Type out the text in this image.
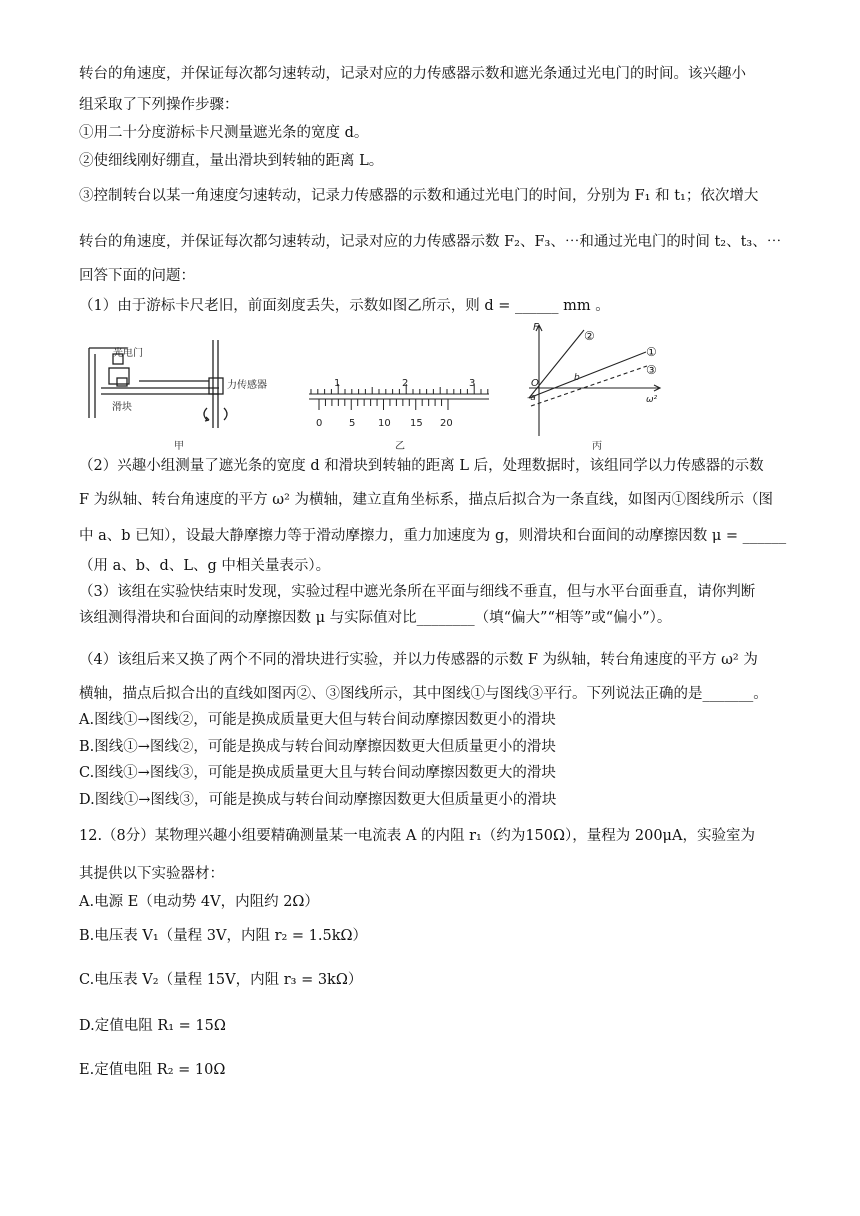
转台的角速度，并保证每次都匀速转动，记录对应的力传感器示数和遮光条通过光电门的时间。该兴趣小
组采取了下列操作步骤：
①用二十分度游标卡尺测量遮光条的宽度 d。
②使细线刚好绷直，量出滑块到转轴的距离 L。
③控制转台以某一角速度匀速转动，记录力传感器的示数和通过光电门的时间，分别为 F₁ 和 t₁；依次增大
转台的角速度，并保证每次都匀速转动，记录对应的力传感器示数 F₂、F₃、⋯和通过光电门的时间 t₂、t₃、⋯
回答下面的问题：
（1）由于游标卡尺老旧，前面刻度丢失，示数如图乙所示，则 d = ______ mm 。
光电门
力传感器
滑块
甲
1	2	3
0	5 10 15 20
乙
F
ω²
O
-a
b
①
②
③
丙
（2）兴趣小组测量了遮光条的宽度 d 和滑块到转轴的距离 L 后，处理数据时，该组同学以力传感器的示数
F 为纵轴、转台角速度的平方 ω² 为横轴，建立直角坐标系，描点后拟合为一条直线，如图丙①图线所示（图
中 a、b 已知），设最大静摩擦力等于滑动摩擦力，重力加速度为 g，则滑块和台面间的动摩擦因数 μ = ______
（用 a、b、d、L、g 中相关量表示）。
（3）该组在实验快结束时发现，实验过程中遮光条所在平面与细线不垂直，但与水平台面垂直，请你判断
该组测得滑块和台面间的动摩擦因数 μ 与实际值对比________（填“偏大”“相等”或“偏小”）。
（4）该组后来又换了两个不同的滑块进行实验，并以力传感器的示数 F 为纵轴，转台角速度的平方 ω² 为
横轴，描点后拟合出的直线如图丙②、③图线所示，其中图线①与图线③平行。下列说法正确的是_______。
A.图线①→图线②，可能是换成质量更大但与转台间动摩擦因数更小的滑块
B.图线①→图线②，可能是换成与转台间动摩擦因数更大但质量更小的滑块
C.图线①→图线③，可能是换成质量更大且与转台间动摩擦因数更大的滑块
D.图线①→图线③，可能是换成与转台间动摩擦因数更大但质量更小的滑块
12.（8分）某物理兴趣小组要精确测量某一电流表 A 的内阻 r₁（约为150Ω），量程为 200μA，实验室为
其提供以下实验器材：
A.电源 E（电动势 4V，内阻约 2Ω）
B.电压表 V₁（量程 3V，内阻 r₂ = 1.5kΩ）
C.电压表 V₂（量程 15V，内阻 r₃ = 3kΩ）
D.定值电阻 R₁ = 15Ω
E.定值电阻 R₂ = 10Ω
